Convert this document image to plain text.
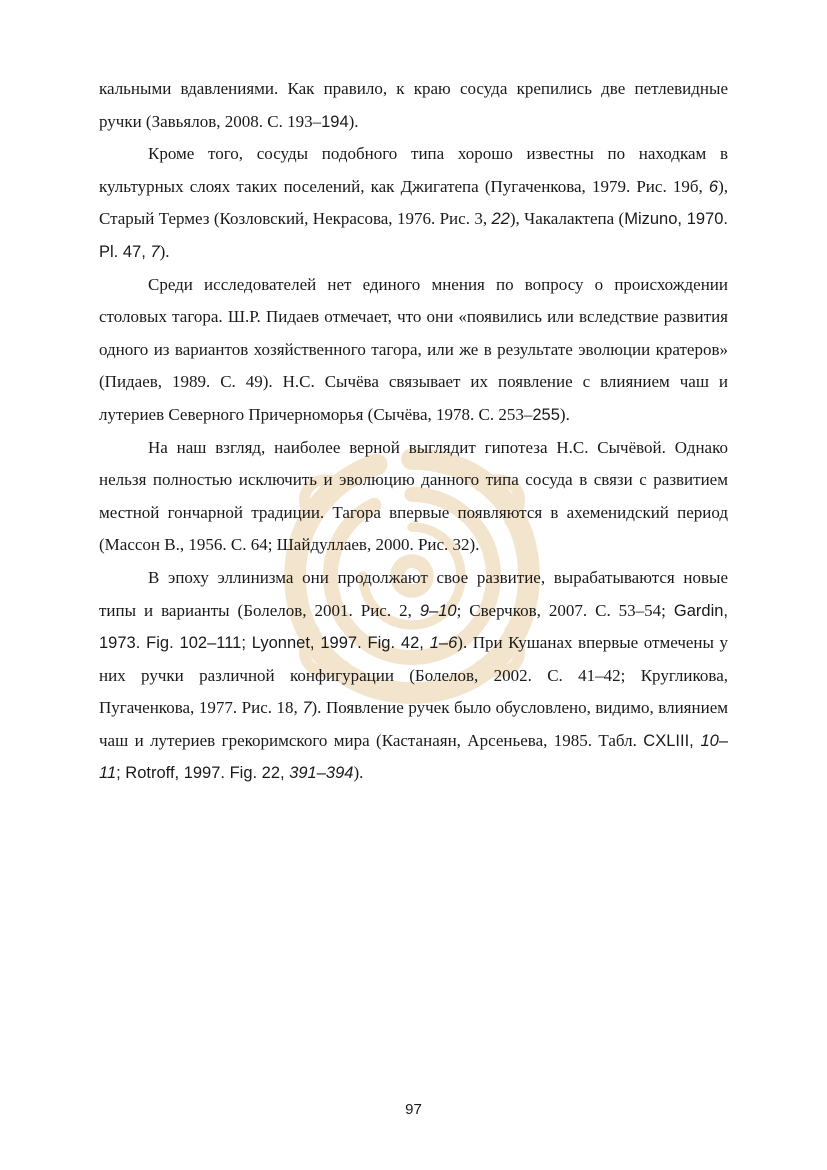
кальными вдавлениями. Как правило, к краю сосуда крепились две петлевидные ручки (Завьялов, 2008. С. 193–194).

Кроме того, сосуды подобного типа хорошо известны по находкам в культурных слоях таких поселений, как Джигатепа (Пугаченкова, 1979. Рис. 19б, 6), Старый Термез (Козловский, Некрасова, 1976. Рис. 3, 22), Чакалактепа (Mizuno, 1970. Pl. 47, 7).

Среди исследователей нет единого мнения по вопросу о происхождении столовых тагора. Ш.Р. Пидаев отмечает, что они «появились или вследствие развития одного из вариантов хозяйственного тагора, или же в результате эволюции кратеров» (Пидаев, 1989. С. 49). Н.С. Сычёва связывает их появление с влиянием чаш и лутериев Северного Причерноморья (Сычёва, 1978. С. 253–255).

На наш взгляд, наиболее верной выглядит гипотеза Н.С. Сычёвой. Однако нельзя полностью исключить и эволюцию данного типа сосуда в связи с развитием местной гончарной традиции. Тагора впервые появляются в ахеменидский период (Массон В., 1956. С. 64; Шайдуллаев, 2000. Рис. 32).

В эпоху эллинизма они продолжают свое развитие, вырабатываются новые типы и варианты (Болелов, 2001. Рис. 2, 9–10; Сверчков, 2007. С. 53–54; Gardin, 1973. Fig. 102–111; Lyonnet, 1997. Fig. 42, 1–6). При Кушанах впервые отмечены у них ручки различной конфигурации (Болелов, 2002. С. 41–42; Кругликова, Пугаченкова, 1977. Рис. 18, 7). Появление ручек было обусловлено, видимо, влиянием чаш и лутериев грекоримского мира (Кастанаян, Арсеньева, 1985. Табл. CXLIII, 10–11; Rotroff, 1997. Fig. 22, 391–394).

97
